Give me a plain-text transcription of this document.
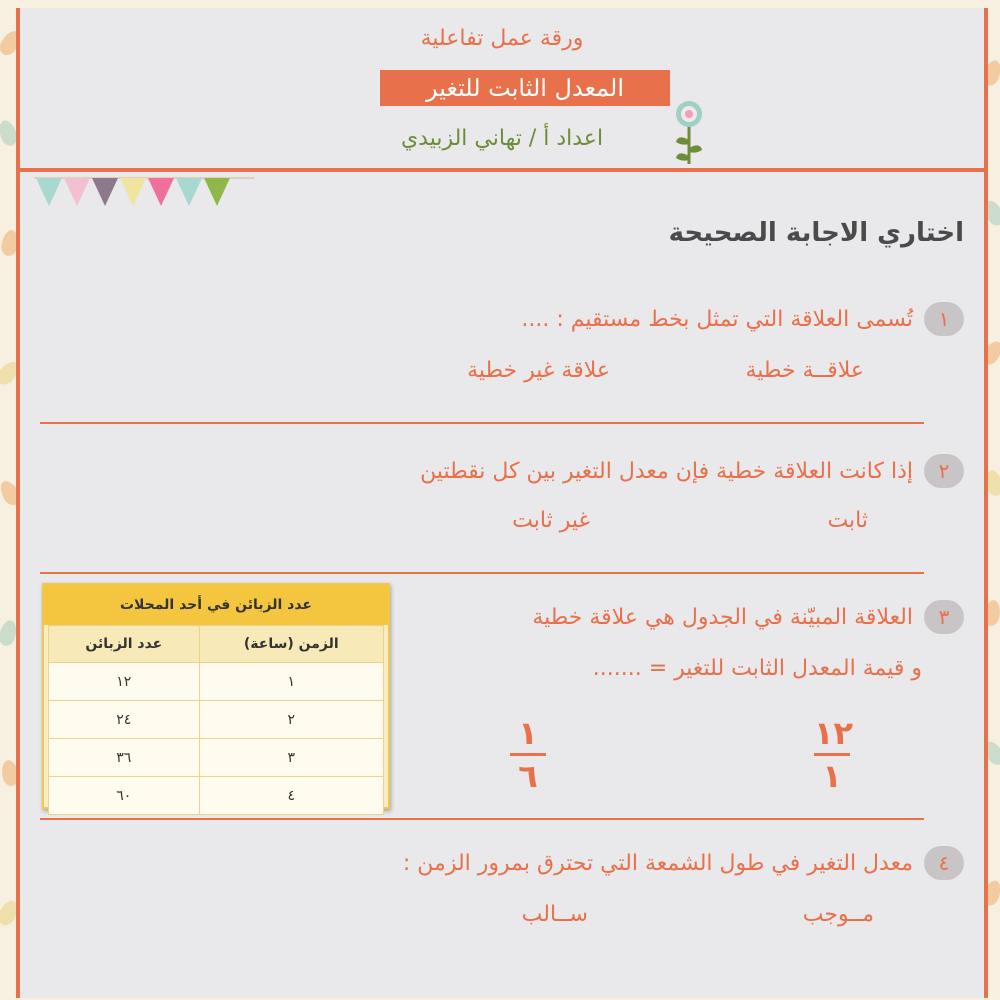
ورقة عمل تفاعلية
المعدل الثابت للتغير
اعداد أ / تهاني الزبيدي
اختاري الاجابة الصحيحة
١ تُسمى العلاقة التي تمثل بخط مستقيم : ....
علاقــة خطية
علاقة غير خطية
٢ إذا كانت العلاقة خطية فإن معدل التغير بين كل نقطتين
ثابت
غير ثابت
٣ العلاقة المبيّنة في الجدول هي علاقة خطية
و قيمة المعدل الثابت للتغير = .......
١٢
١
١
٦
عدد الزبائن في أحد المحلات
الزمن (ساعة)	عدد الزبائن
١	١٢
٢	٢٤
٣	٣٦
٤	٦٠
٤ معدل التغير في طول الشمعة التي تحترق بمرور الزمن :
مــوجب
ســالب
